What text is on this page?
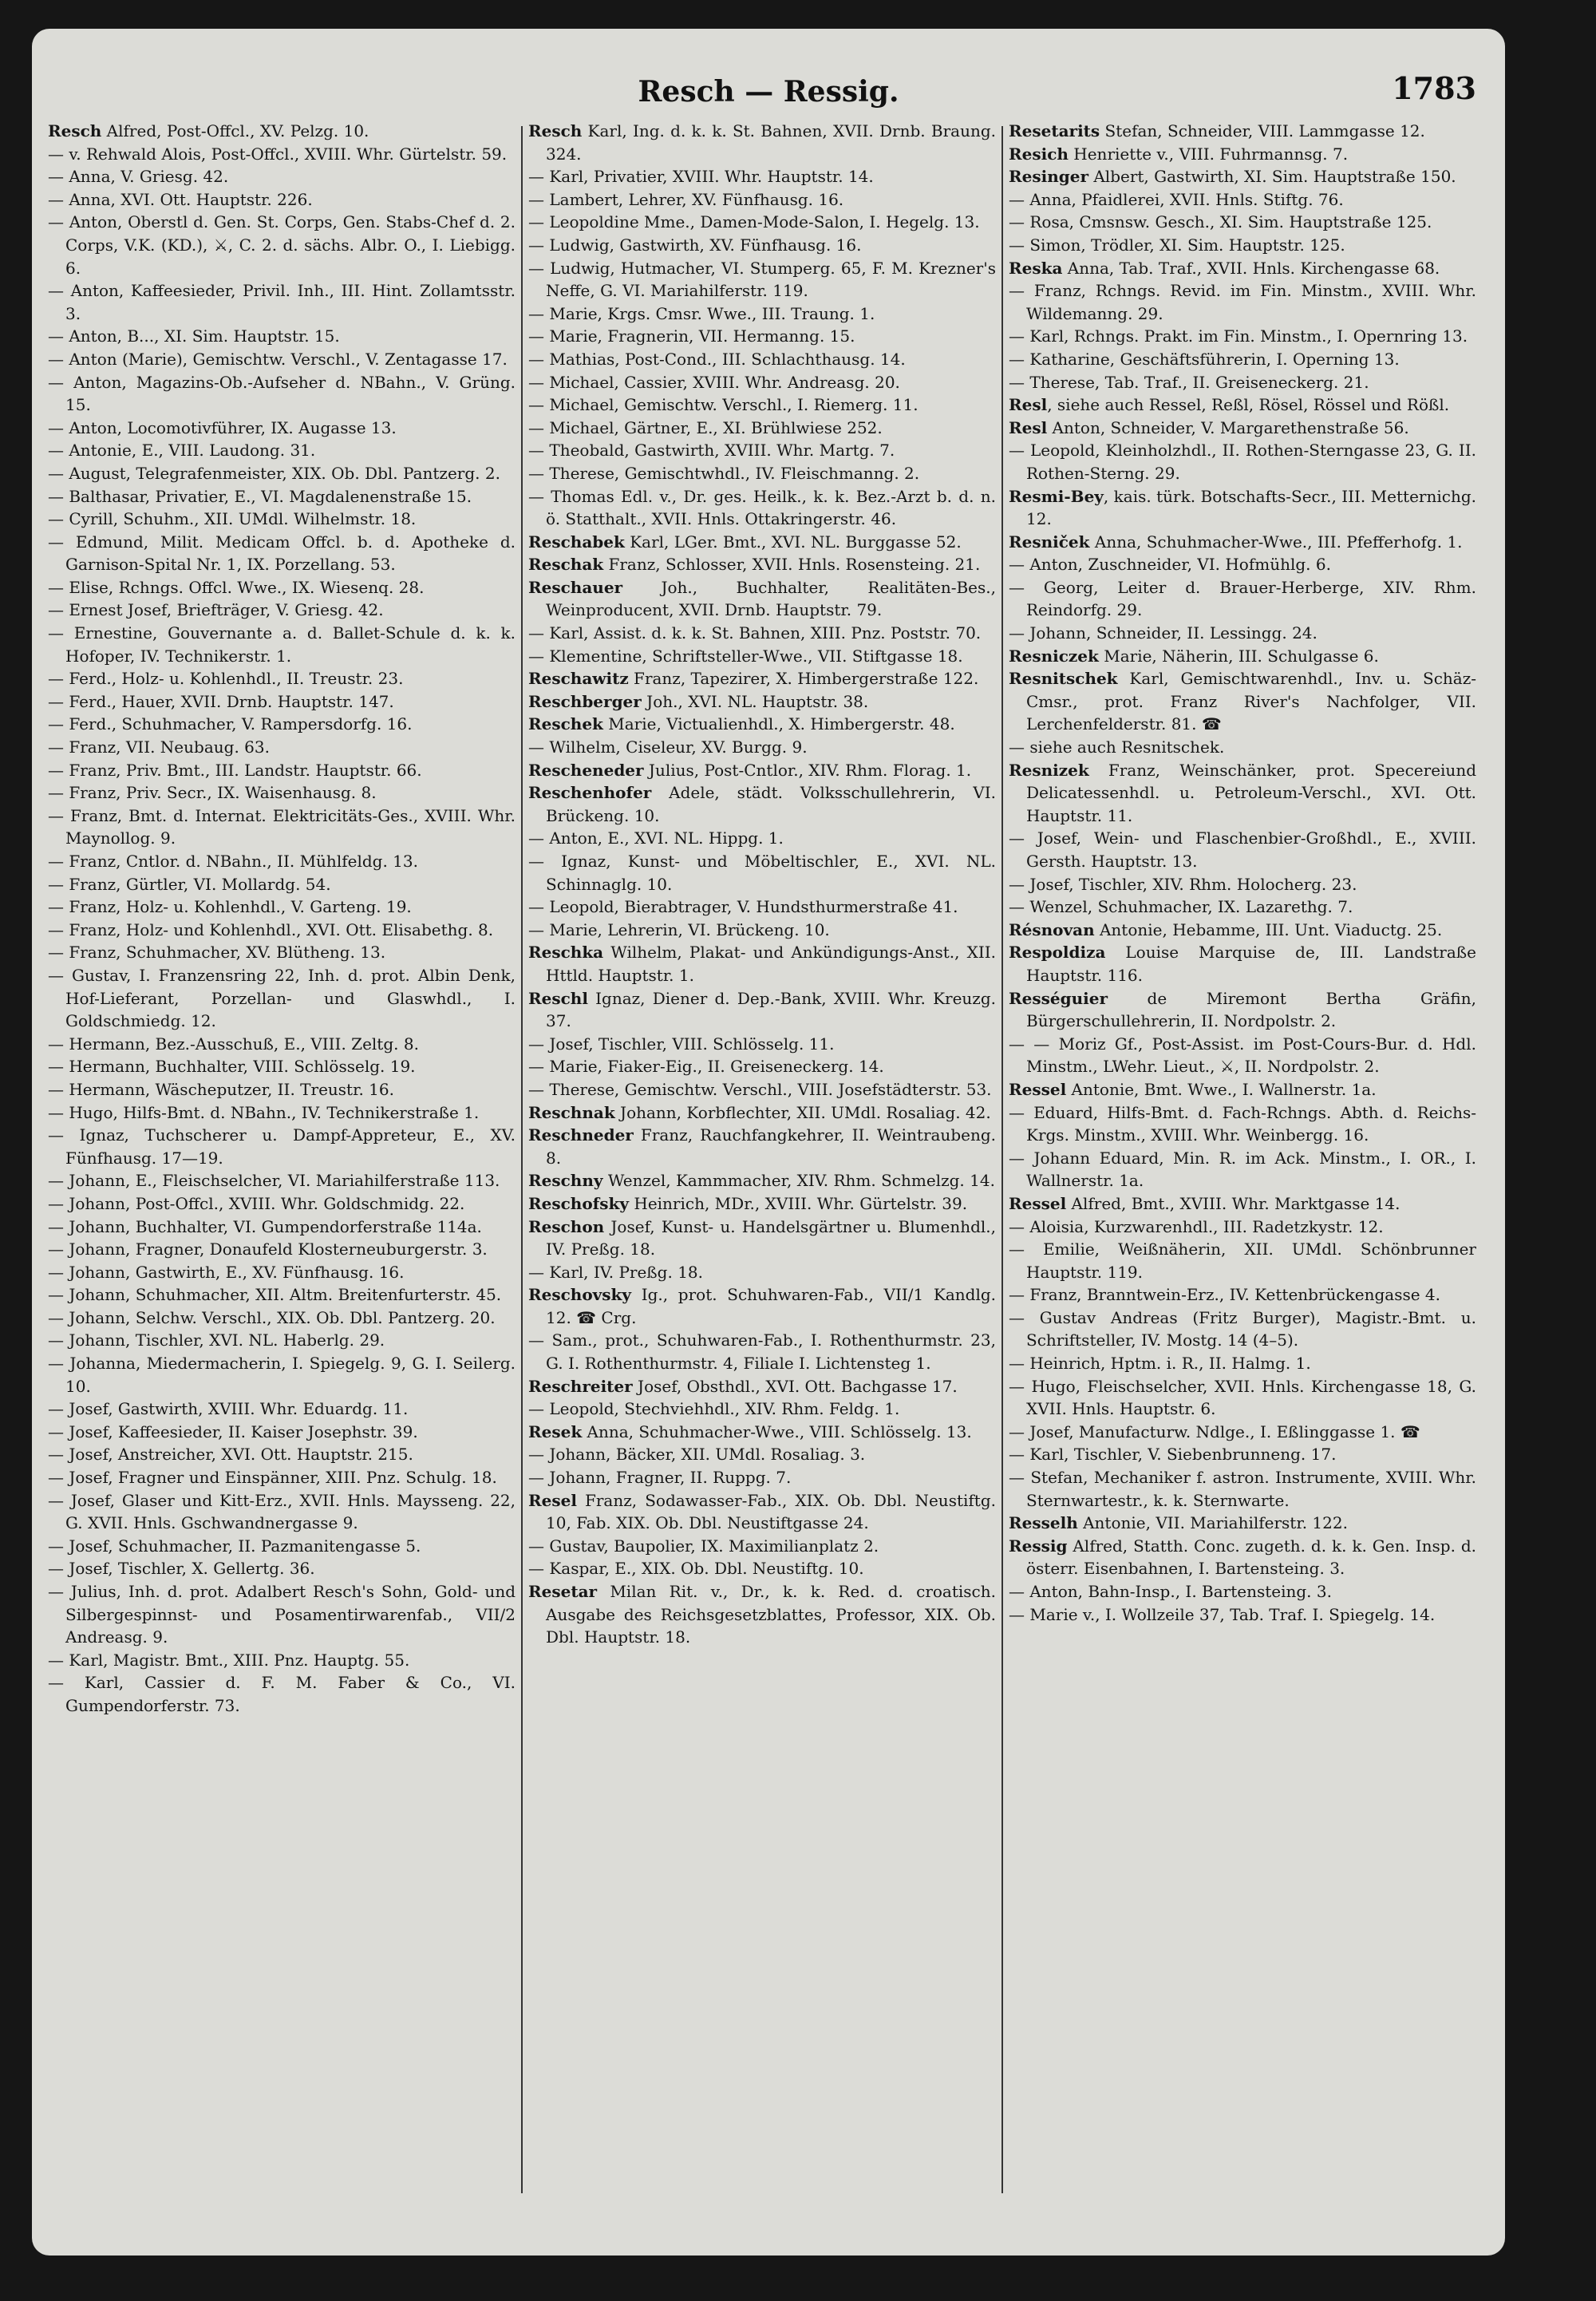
Resch — Ressig.	1783
Resch Alfred, Post-Offcl., XV. Pelzg. 10.
— v. Rehwald Alois, Post-Offcl., XVIII. Whr. Gürtelstr. 59.
— Anna, V. Griesg. 42.
— Anna, XVI. Ott. Hauptstr. 226.
— Anton, Oberstl d. Gen. St. Corps, Gen. Stabs-Chef d. 2. Corps, V.K. (KD.), ⚔, C. 2. d. sächs. Albr. O., I. Liebigg. 6.
— Anton, Kaffeesieder, Privil. Inh., III. Hint. Zollamtsstr. 3.
— Anton, B..., XI. Sim. Hauptstr. 15.
— Anton (Marie), Gemischtw. Verschl., V. Zentagasse 17.
— Anton, Magazins-Ob.-Aufseher d. NBahn., V. Grüng. 15.
— Anton, Locomotivführer, IX. Augasse 13.
— Antonie, E., VIII. Laudong. 31.
— August, Telegrafenmeister, XIX. Ob. Dbl. Pantzerg. 2.
— Balthasar, Privatier, E., VI. Magdalenenstraße 15.
— Cyrill, Schuhm., XII. UMdl. Wilhelmstr. 18.
— Edmund, Milit. Medicam Offcl. b. d. Apotheke d. Garnison-Spital Nr. 1, IX. Porzellang. 53.
— Elise, Rchngs. Offcl. Wwe., IX. Wiesenq. 28.
— Ernest Josef, Briefträger, V. Griesg. 42.
— Ernestine, Gouvernante a. d. Ballet-Schule d. k. k. Hofoper, IV. Technikerstr. 1.
— Ferd., Holz- u. Kohlenhdl., II. Treustr. 23.
— Ferd., Hauer, XVII. Drnb. Hauptstr. 147.
— Ferd., Schuhmacher, V. Rampersdorfg. 16.
— Franz, VII. Neubaug. 63.
— Franz, Priv. Bmt., III. Landstr. Hauptstr. 66.
— Franz, Priv. Secr., IX. Waisenhausg. 8.
— Franz, Bmt. d. Internat. Elektricitäts-Ges., XVIII. Whr. Maynollog. 9.
— Franz, Cntlor. d. NBahn., II. Mühlfeldg. 13.
— Franz, Gürtler, VI. Mollardg. 54.
— Franz, Holz- u. Kohlenhdl., V. Garteng. 19.
— Franz, Holz- und Kohlenhdl., XVI. Ott. Elisabethg. 8.
— Franz, Schuhmacher, XV. Blütheng. 13.
— Gustav, I. Franzensring 22, Inh. d. prot. Albin Denk, Hof-Lieferant, Porzellan- und Glaswhdl., I. Goldschmiedg. 12.
— Hermann, Bez.-Ausschuß, E., VIII. Zeltg. 8.
— Hermann, Buchhalter, VIII. Schlösselg. 19.
— Hermann, Wäscheputzer, II. Treustr. 16.
— Hugo, Hilfs-Bmt. d. NBahn., IV. Technikerstraße 1.
— Ignaz, Tuchscherer u. Dampf-Appreteur, E., XV. Fünfhausg. 17—19.
— Johann, E., Fleischselcher, VI. Mariahilferstraße 113.
— Johann, Post-Offcl., XVIII. Whr. Goldschmidg. 22.
— Johann, Buchhalter, VI. Gumpendorferstraße 114a.
— Johann, Fragner, Donaufeld Klosterneuburgerstr. 3.
— Johann, Gastwirth, E., XV. Fünfhausg. 16.
— Johann, Schuhmacher, XII. Altm. Breitenfurterstr. 45.
— Johann, Selchw. Verschl., XIX. Ob. Dbl. Pantzerg. 20.
— Johann, Tischler, XVI. NL. Haberlg. 29.
— Johanna, Miedermacherin, I. Spiegelg. 9, G. I. Seilerg. 10.
— Josef, Gastwirth, XVIII. Whr. Eduardg. 11.
— Josef, Kaffeesieder, II. Kaiser Josephstr. 39.
— Josef, Anstreicher, XVI. Ott. Hauptstr. 215.
— Josef, Fragner und Einspänner, XIII. Pnz. Schulg. 18.
— Josef, Glaser und Kitt-Erz., XVII. Hnls. Maysseng. 22, G. XVII. Hnls. Gschwandnergasse 9.
— Josef, Schuhmacher, II. Pazmanitengasse 5.
— Josef, Tischler, X. Gellertg. 36.
— Julius, Inh. d. prot. Adalbert Resch's Sohn, Gold- und Silbergespinnst- und Posamentirwarenfab., VII/2 Andreasg. 9.
— Karl, Magistr. Bmt., XIII. Pnz. Hauptg. 55.
— Karl, Cassier d. F. M. Faber & Co., VI. Gumpendorferstr. 73.
Resch Karl, Ing. d. k. k. St. Bahnen, XVII. Drnb. Braung. 324.
— Karl, Privatier, XVIII. Whr. Hauptstr. 14.
— Lambert, Lehrer, XV. Fünfhausg. 16.
— Leopoldine Mme., Damen-Mode-Salon, I. Hegelg. 13.
— Ludwig, Gastwirth, XV. Fünfhausg. 16.
— Ludwig, Hutmacher, VI. Stumperg. 65, F. M. Krezner's Neffe, G. VI. Mariahilferstr. 119.
— Marie, Krgs. Cmsr. Wwe., III. Traung. 1.
— Marie, Fragnerin, VII. Hermanng. 15.
— Mathias, Post-Cond., III. Schlachthausg. 14.
— Michael, Cassier, XVIII. Whr. Andreasg. 20.
— Michael, Gemischtw. Verschl., I. Riemerg. 11.
— Michael, Gärtner, E., XI. Brühlwiese 252.
— Theobald, Gastwirth, XVIII. Whr. Martg. 7.
— Therese, Gemischtwhdl., IV. Fleischmanng. 2.
— Thomas Edl. v., Dr. ges. Heilk., k. k. Bez.-Arzt b. d. n. ö. Statthalt., XVII. Hnls. Ottakringerstr. 46.
Reschabek Karl, LGer. Bmt., XVI. NL. Burggasse 52.
Reschak Franz, Schlosser, XVII. Hnls. Rosensteing. 21.
Reschauer Joh., Buchhalter, Realitäten-Bes., Weinproducent, XVII. Drnb. Hauptstr. 79.
— Karl, Assist. d. k. k. St. Bahnen, XIII. Pnz. Poststr. 70.
— Klementine, Schriftsteller-Wwe., VII. Stiftgasse 18.
Reschawitz Franz, Tapezirer, X. Himbergerstraße 122.
Reschberger Joh., XVI. NL. Hauptstr. 38.
Reschek Marie, Victualienhdl., X. Himbergerstr. 48.
— Wilhelm, Ciseleur, XV. Burgg. 9.
Rescheneder Julius, Post-Cntlor., XIV. Rhm. Florag. 1.
Reschenhofer Adele, städt. Volksschullehrerin, VI. Brückeng. 10.
— Anton, E., XVI. NL. Hippg. 1.
— Ignaz, Kunst- und Möbeltischler, E., XVI. NL. Schinnaglg. 10.
— Leopold, Bierabtrager, V. Hundsthurmerstraße 41.
— Marie, Lehrerin, VI. Brückeng. 10.
Reschka Wilhelm, Plakat- und Ankündigungs-Anst., XII. Httld. Hauptstr. 1.
Reschl Ignaz, Diener d. Dep.-Bank, XVIII. Whr. Kreuzg. 37.
— Josef, Tischler, VIII. Schlösselg. 11.
— Marie, Fiaker-Eig., II. Greiseneckerg. 14.
— Therese, Gemischtw. Verschl., VIII. Josefstädterstr. 53.
Reschnak Johann, Korbflechter, XII. UMdl. Rosaliag. 42.
Reschneder Franz, Rauchfangkehrer, II. Weintraubeng. 8.
Reschny Wenzel, Kammmacher, XIV. Rhm. Schmelzg. 14.
Reschofsky Heinrich, MDr., XVIII. Whr. Gürtelstr. 39.
Reschon Josef, Kunst- u. Handelsgärtner u. Blumenhdl., IV. Preßg. 18.
— Karl, IV. Preßg. 18.
Reschovsky Ig., prot. Schuhwaren-Fab., VII/1 Kandlg. 12. ☎ Crg.
— Sam., prot., Schuhwaren-Fab., I. Rothenthurmstr. 23, G. I. Rothenthurmstr. 4, Filiale I. Lichtensteg 1.
Reschreiter Josef, Obsthdl., XVI. Ott. Bachgasse 17.
— Leopold, Stechviehhdl., XIV. Rhm. Feldg. 1.
Resek Anna, Schuhmacher-Wwe., VIII. Schlösselg. 13.
— Johann, Bäcker, XII. UMdl. Rosaliag. 3.
— Johann, Fragner, II. Ruppg. 7.
Resel Franz, Sodawasser-Fab., XIX. Ob. Dbl. Neustiftg. 10, Fab. XIX. Ob. Dbl. Neustiftgasse 24.
— Gustav, Baupolier, IX. Maximilianplatz 2.
— Kaspar, E., XIX. Ob. Dbl. Neustiftg. 10.
Resetar Milan Rit. v., Dr., k. k. Red. d. croatisch. Ausgabe des Reichsgesetzblattes, Professor, XIX. Ob. Dbl. Hauptstr. 18.
Resetarits Stefan, Schneider, VIII. Lammgasse 12.
Resich Henriette v., VIII. Fuhrmannsg. 7.
Resinger Albert, Gastwirth, XI. Sim. Hauptstraße 150.
— Anna, Pfaidlerei, XVII. Hnls. Stiftg. 76.
— Rosa, Cmsnsw. Gesch., XI. Sim. Hauptstraße 125.
— Simon, Trödler, XI. Sim. Hauptstr. 125.
Reska Anna, Tab. Traf., XVII. Hnls. Kirchengasse 68.
— Franz, Rchngs. Revid. im Fin. Minstm., XVIII. Whr. Wildemanng. 29.
— Karl, Rchngs. Prakt. im Fin. Minstm., I. Opernring 13.
— Katharine, Geschäftsführerin, I. Operning 13.
— Therese, Tab. Traf., II. Greiseneckerg. 21.
Resl, siehe auch Ressel, Reßl, Rösel, Rössel und Rößl.
Resl Anton, Schneider, V. Margarethenstraße 56.
— Leopold, Kleinholzhdl., II. Rothen-Sterngasse 23, G. II. Rothen-Sterng. 29.
Resmi-Bey, kais. türk. Botschafts-Secr., III. Metternichg. 12.
Resniček Anna, Schuhmacher-Wwe., III. Pfefferhofg. 1.
— Anton, Zuschneider, VI. Hofmühlg. 6.
— Georg, Leiter d. Brauer-Herberge, XIV. Rhm. Reindorfg. 29.
— Johann, Schneider, II. Lessingg. 24.
Resniczek Marie, Näherin, III. Schulgasse 6.
Resnitschek Karl, Gemischtwarenhdl., Inv. u. Schäz-Cmsr., prot. Franz River's Nachfolger, VII. Lerchenfelderstr. 81. ☎
— siehe auch Resnitschek.
Resnizek Franz, Weinschänker, prot. Specereiund Delicatessenhdl. u. Petroleum-Verschl., XVI. Ott. Hauptstr. 11.
— Josef, Wein- und Flaschenbier-Großhdl., E., XVIII. Gersth. Hauptstr. 13.
— Josef, Tischler, XIV. Rhm. Holocherg. 23.
— Wenzel, Schuhmacher, IX. Lazarethg. 7.
Résnovan Antonie, Hebamme, III. Unt. Viaductg. 25.
Respoldiza Louise Marquise de, III. Landstraße Hauptstr. 116.
Rességuier de Miremont Bertha Gräfin, Bürgerschullehrerin, II. Nordpolstr. 2.
— — Moriz Gf., Post-Assist. im Post-Cours-Bur. d. Hdl. Minstm., LWehr. Lieut., ⚔, II. Nordpolstr. 2.
Ressel Antonie, Bmt. Wwe., I. Wallnerstr. 1a.
— Eduard, Hilfs-Bmt. d. Fach-Rchngs. Abth. d. Reichs-Krgs. Minstm., XVIII. Whr. Weinbergg. 16.
— Johann Eduard, Min. R. im Ack. Minstm., I. OR., I. Wallnerstr. 1a.
Ressel Alfred, Bmt., XVIII. Whr. Marktgasse 14.
— Aloisia, Kurzwarenhdl., III. Radetzkystr. 12.
— Emilie, Weißnäherin, XII. UMdl. Schönbrunner Hauptstr. 119.
— Franz, Branntwein-Erz., IV. Kettenbrückengasse 4.
— Gustav Andreas (Fritz Burger), Magistr.-Bmt. u. Schriftsteller, IV. Mostg. 14 (4–5).
— Heinrich, Hptm. i. R., II. Halmg. 1.
— Hugo, Fleischselcher, XVII. Hnls. Kirchengasse 18, G. XVII. Hnls. Hauptstr. 6.
— Josef, Manufacturw. Ndlge., I. Eßlinggasse 1. ☎
— Karl, Tischler, V. Siebenbrunneng. 17.
— Stefan, Mechaniker f. astron. Instrumente, XVIII. Whr. Sternwartestr., k. k. Sternwarte.
Resselh Antonie, VII. Mariahilferstr. 122.
Ressig Alfred, Statth. Conc. zugeth. d. k. k. Gen. Insp. d. österr. Eisenbahnen, I. Bartensteing. 3.
— Anton, Bahn-Insp., I. Bartensteing. 3.
— Marie v., I. Wollzeile 37, Tab. Traf. I. Spiegelg. 14.
